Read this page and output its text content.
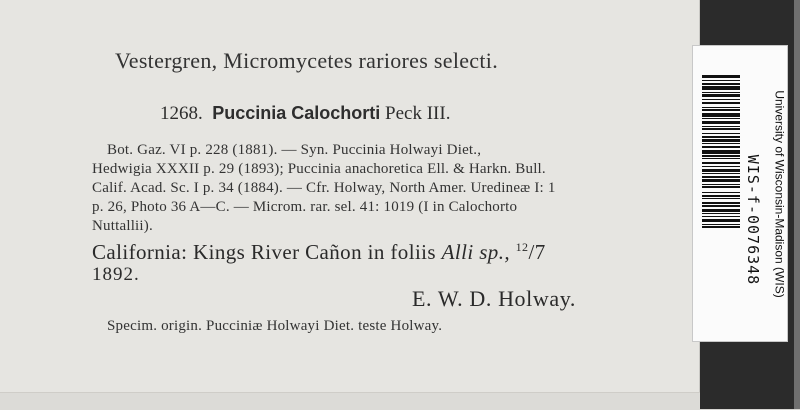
Vestergren, Micromycetes rariores selecti.
1268. Puccinia Calochorti Peck III.
Bot. Gaz. VI p. 228 (1881). — Syn. Puccinia Holwayi Diet.,
Hedwigia XXXII p. 29 (1893); Puccinia anachoretica Ell. & Harkn. Bull.
Calif. Acad. Sc. I p. 34 (1884). — Cfr. Holway, North Amer. Uredineæ I: 1
p. 26, Photo 36 A—C. — Microm. rar. sel. 41: 1019 (I in Calochorto
Nuttallii).
California: Kings River Cañon in foliis Alli sp., $^{12}$/7
1892.
E. W. D. Holway.
Specim. origin. Pucciniæ Holwayi Diet. teste Holway.
WIS-f-0076348 University of Wisconsin-Madison (WIS)
